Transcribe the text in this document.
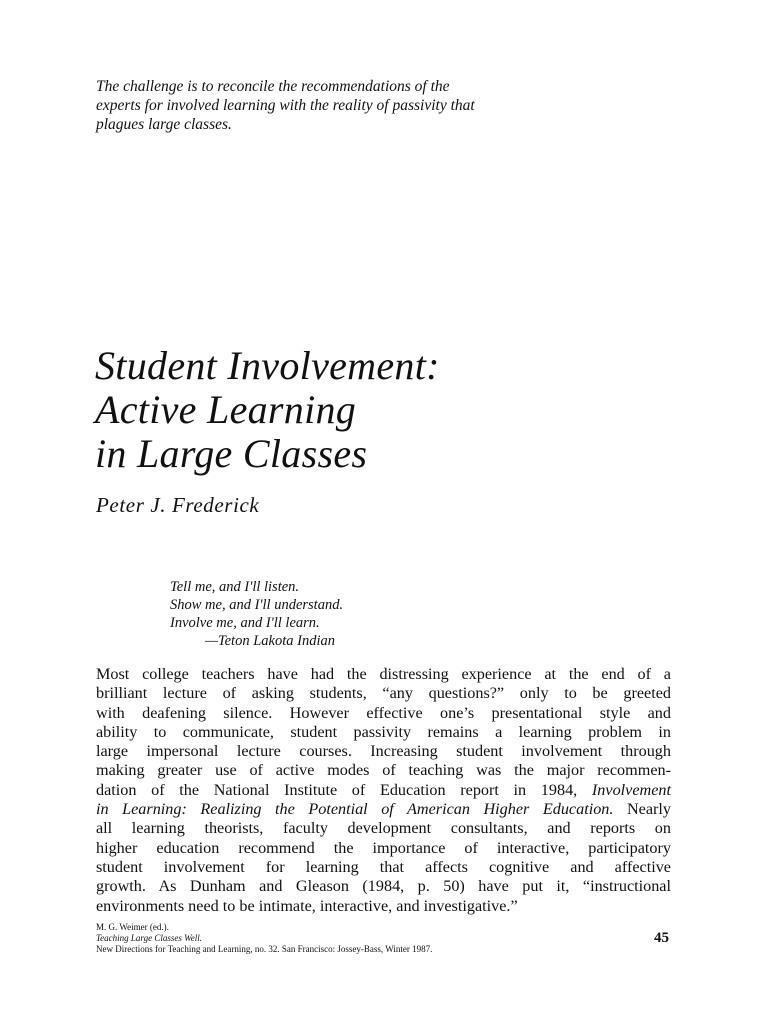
The challenge is to reconcile the recommendations of the
experts for involved learning with the reality of passivity that
plagues large classes.
Student Involvement:
Active Learning
in Large Classes
Peter J. Frederick
Tell me, and I'll listen.
Show me, and I'll understand.
Involve me, and I'll learn.
—Teton Lakota Indian
Most college teachers have had the distressing experience at the end of a
brilliant lecture of asking students, “any questions?” only to be greeted
with deafening silence. However effective one’s presentational style and
ability to communicate, student passivity remains a learning problem in
large impersonal lecture courses. Increasing student involvement through
making greater use of active modes of teaching was the major recommen-
dation of the National Institute of Education report in 1984, Involvement
in Learning: Realizing the Potential of American Higher Education. Nearly
all learning theorists, faculty development consultants, and reports on
higher education recommend the importance of interactive, participatory
student involvement for learning that affects cognitive and affective
growth. As Dunham and Gleason (1984, p. 50) have put it, “instructional
environments need to be intimate, interactive, and investigative.”
M. G. Weimer (ed.).
Teaching Large Classes Well.
New Directions for Teaching and Learning, no. 32. San Francisco: Jossey-Bass, Winter 1987.
45
